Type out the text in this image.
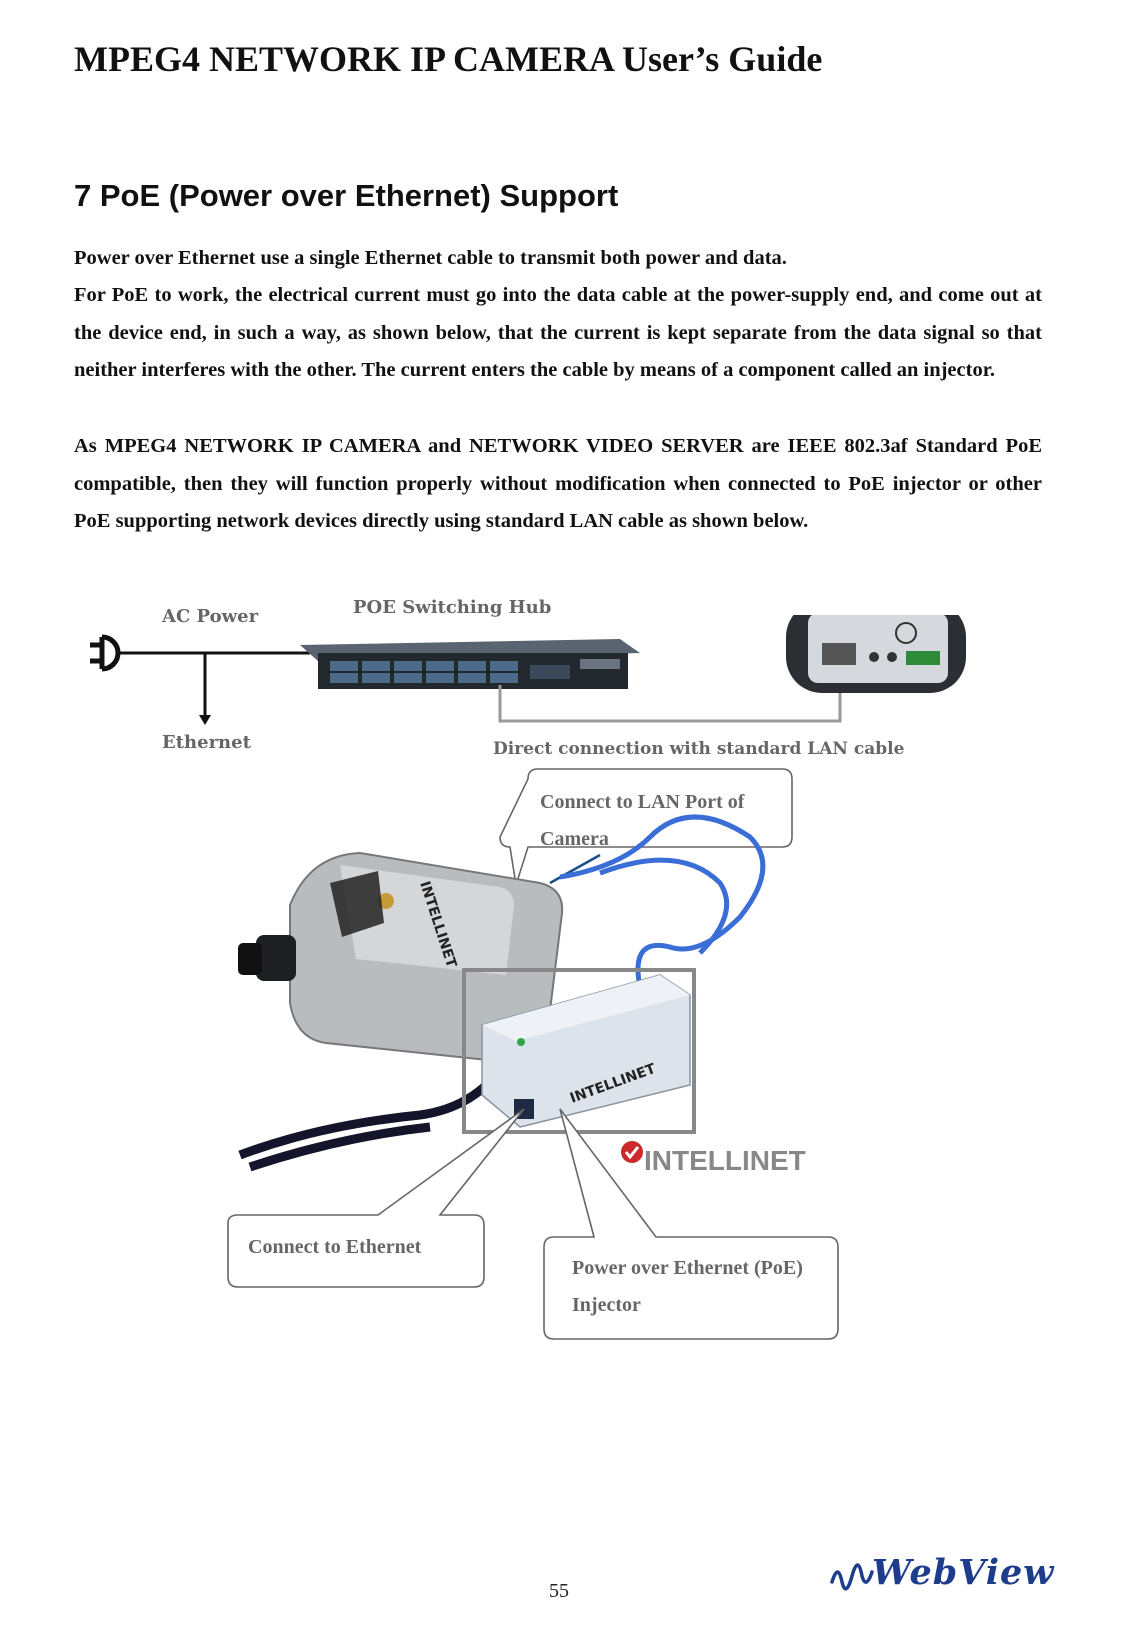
MPEG4 NETWORK IP CAMERA User’s Guide
7 PoE (Power over Ethernet) Support

Power over Ethernet use a single Ethernet cable to transmit both power and data.

For PoE to work, the electrical current must go into the data cable at the power-supply end, and come out at the device end, in such a way, as shown below, that the current is kept separate from the data signal so that neither interferes with the other. The current enters the cable by means of a component called an injector.

As MPEG4 NETWORK IP CAMERA and NETWORK VIDEO SERVER are IEEE 802.3af Standard PoE compatible, then they will function properly without modification when connected to PoE injector or other PoE supporting network devices directly using standard LAN cable as shown below.

INTELLINET
INTELLINET
AC Power	POE Switching Hub
Ethernet	Direct connection with standard LAN cable
Connect to LAN Port of
Camera
INTELLINET
Connect to Ethernet
Power over Ethernet (PoE)
Injector
55	WebView
